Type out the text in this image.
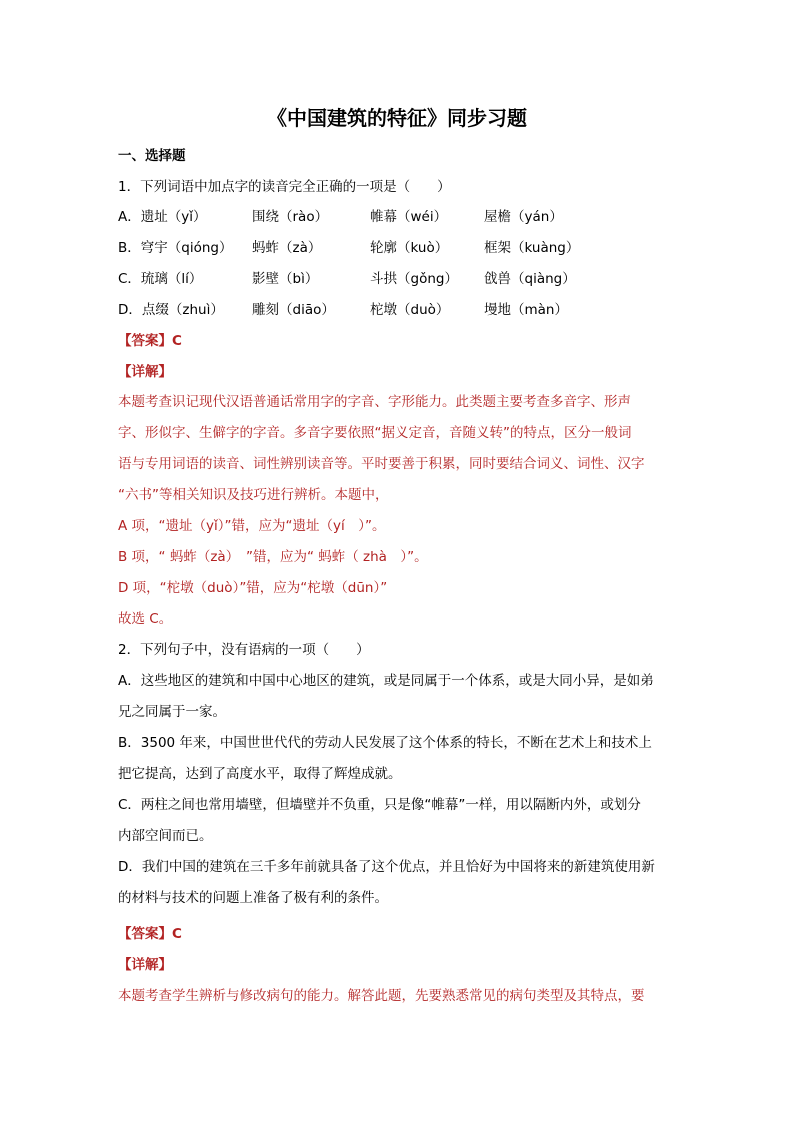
《中国建筑的特征》同步习题
一、选择题
1．下列词语中加点字的读音完全正确的一项是（　　）
A．遗址（yǐ）	围绕（rào）	帷幕（wéi）	屋檐（yán）
B．穹宇（qióng） 蚂蚱（zà）	轮廓（kuò）	框架（kuàng）
C．琉璃（lí）	影壁（bì）	斗拱（gǒng） 戗兽（qiàng）
D．点缀（zhuì） 雕刻（diāo）	柁墩（duò）	墁地（màn）
【答案】C
【详解】
本题考查识记现代汉语普通话常用字的字音、字形能力。此类题主要考查多音字、形声
字、形似字、生僻字的字音。多音字要依照“据义定音，音随义转”的特点，区分一般词
语与专用词语的读音、词性辨别读音等。平时要善于积累，同时要结合词义、词性、汉字
“六书”等相关知识及技巧进行辨析。本题中，
A 项，“遗址（yǐ）”错，应为“遗址（yí　）”。
B 项，“ 蚂蚱（zà）　”错，应为“ 蚂蚱（ zhà　）”。
D 项，“柁墩（duò）”错，应为“柁墩（dūn）”
故选 C。
2．下列句子中，没有语病的一项（　　）
A．这些地区的建筑和中国中心地区的建筑，或是同属于一个体系，或是大同小异，是如弟
兄之同属于一家。
B．3500 年来，中国世世代代的劳动人民发展了这个体系的特长，不断在艺术上和技术上
把它提高，达到了高度水平，取得了辉煌成就。
C．两柱之间也常用墙壁，但墙壁并不负重，只是像“帷幕”一样，用以隔断内外，或划分
内部空间而已。
D．我们中国的建筑在三千多年前就具备了这个优点，并且恰好为中国将来的新建筑使用新
的材料与技术的问题上准备了极有利的条件。
【答案】C
【详解】
本题考查学生辨析与修改病句的能力。解答此题，先要熟悉常见的病句类型及其特点，要
